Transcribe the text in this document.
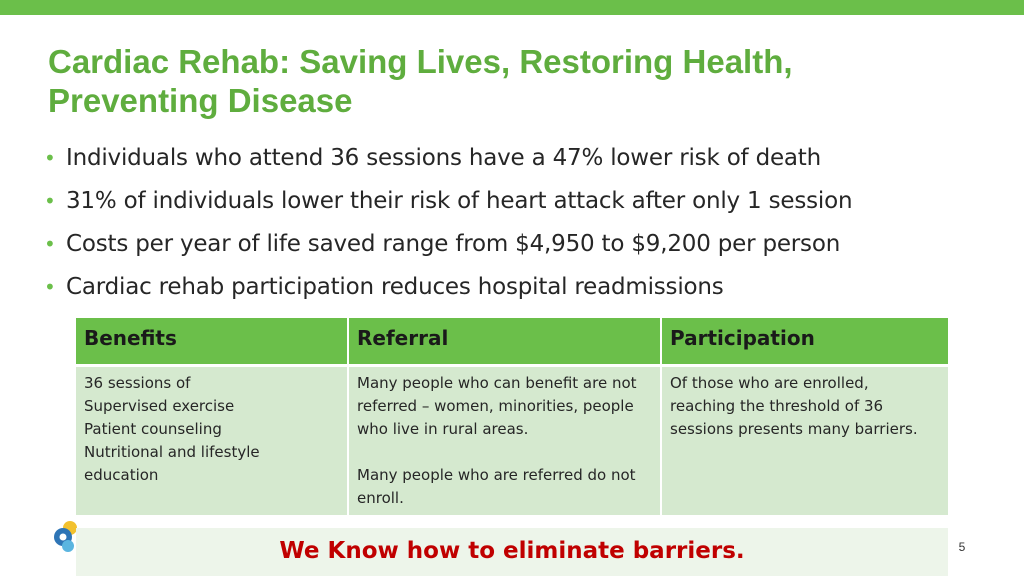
Cardiac Rehab: Saving Lives, Restoring Health,
Preventing Disease
• Individuals who attend 36 sessions have a 47% lower risk of death
• 31% of individuals lower their risk of heart attack after only 1 session
• Costs per year of life saved range from $4,950 to $9,200 per person
• Cardiac rehab participation reduces hospital readmissions
Benefits	Referral	Participation

36 sessions of
Supervised exercise
Patient counseling
Nutritional and lifestyle
education	Many people who can benefit are not
referred – women, minorities, people
who live in rural areas.
Many people who are referred do not
enroll.	Of those who are enrolled,
reaching the threshold of 36
sessions presents many barriers.
We Know how to eliminate barriers.	5
